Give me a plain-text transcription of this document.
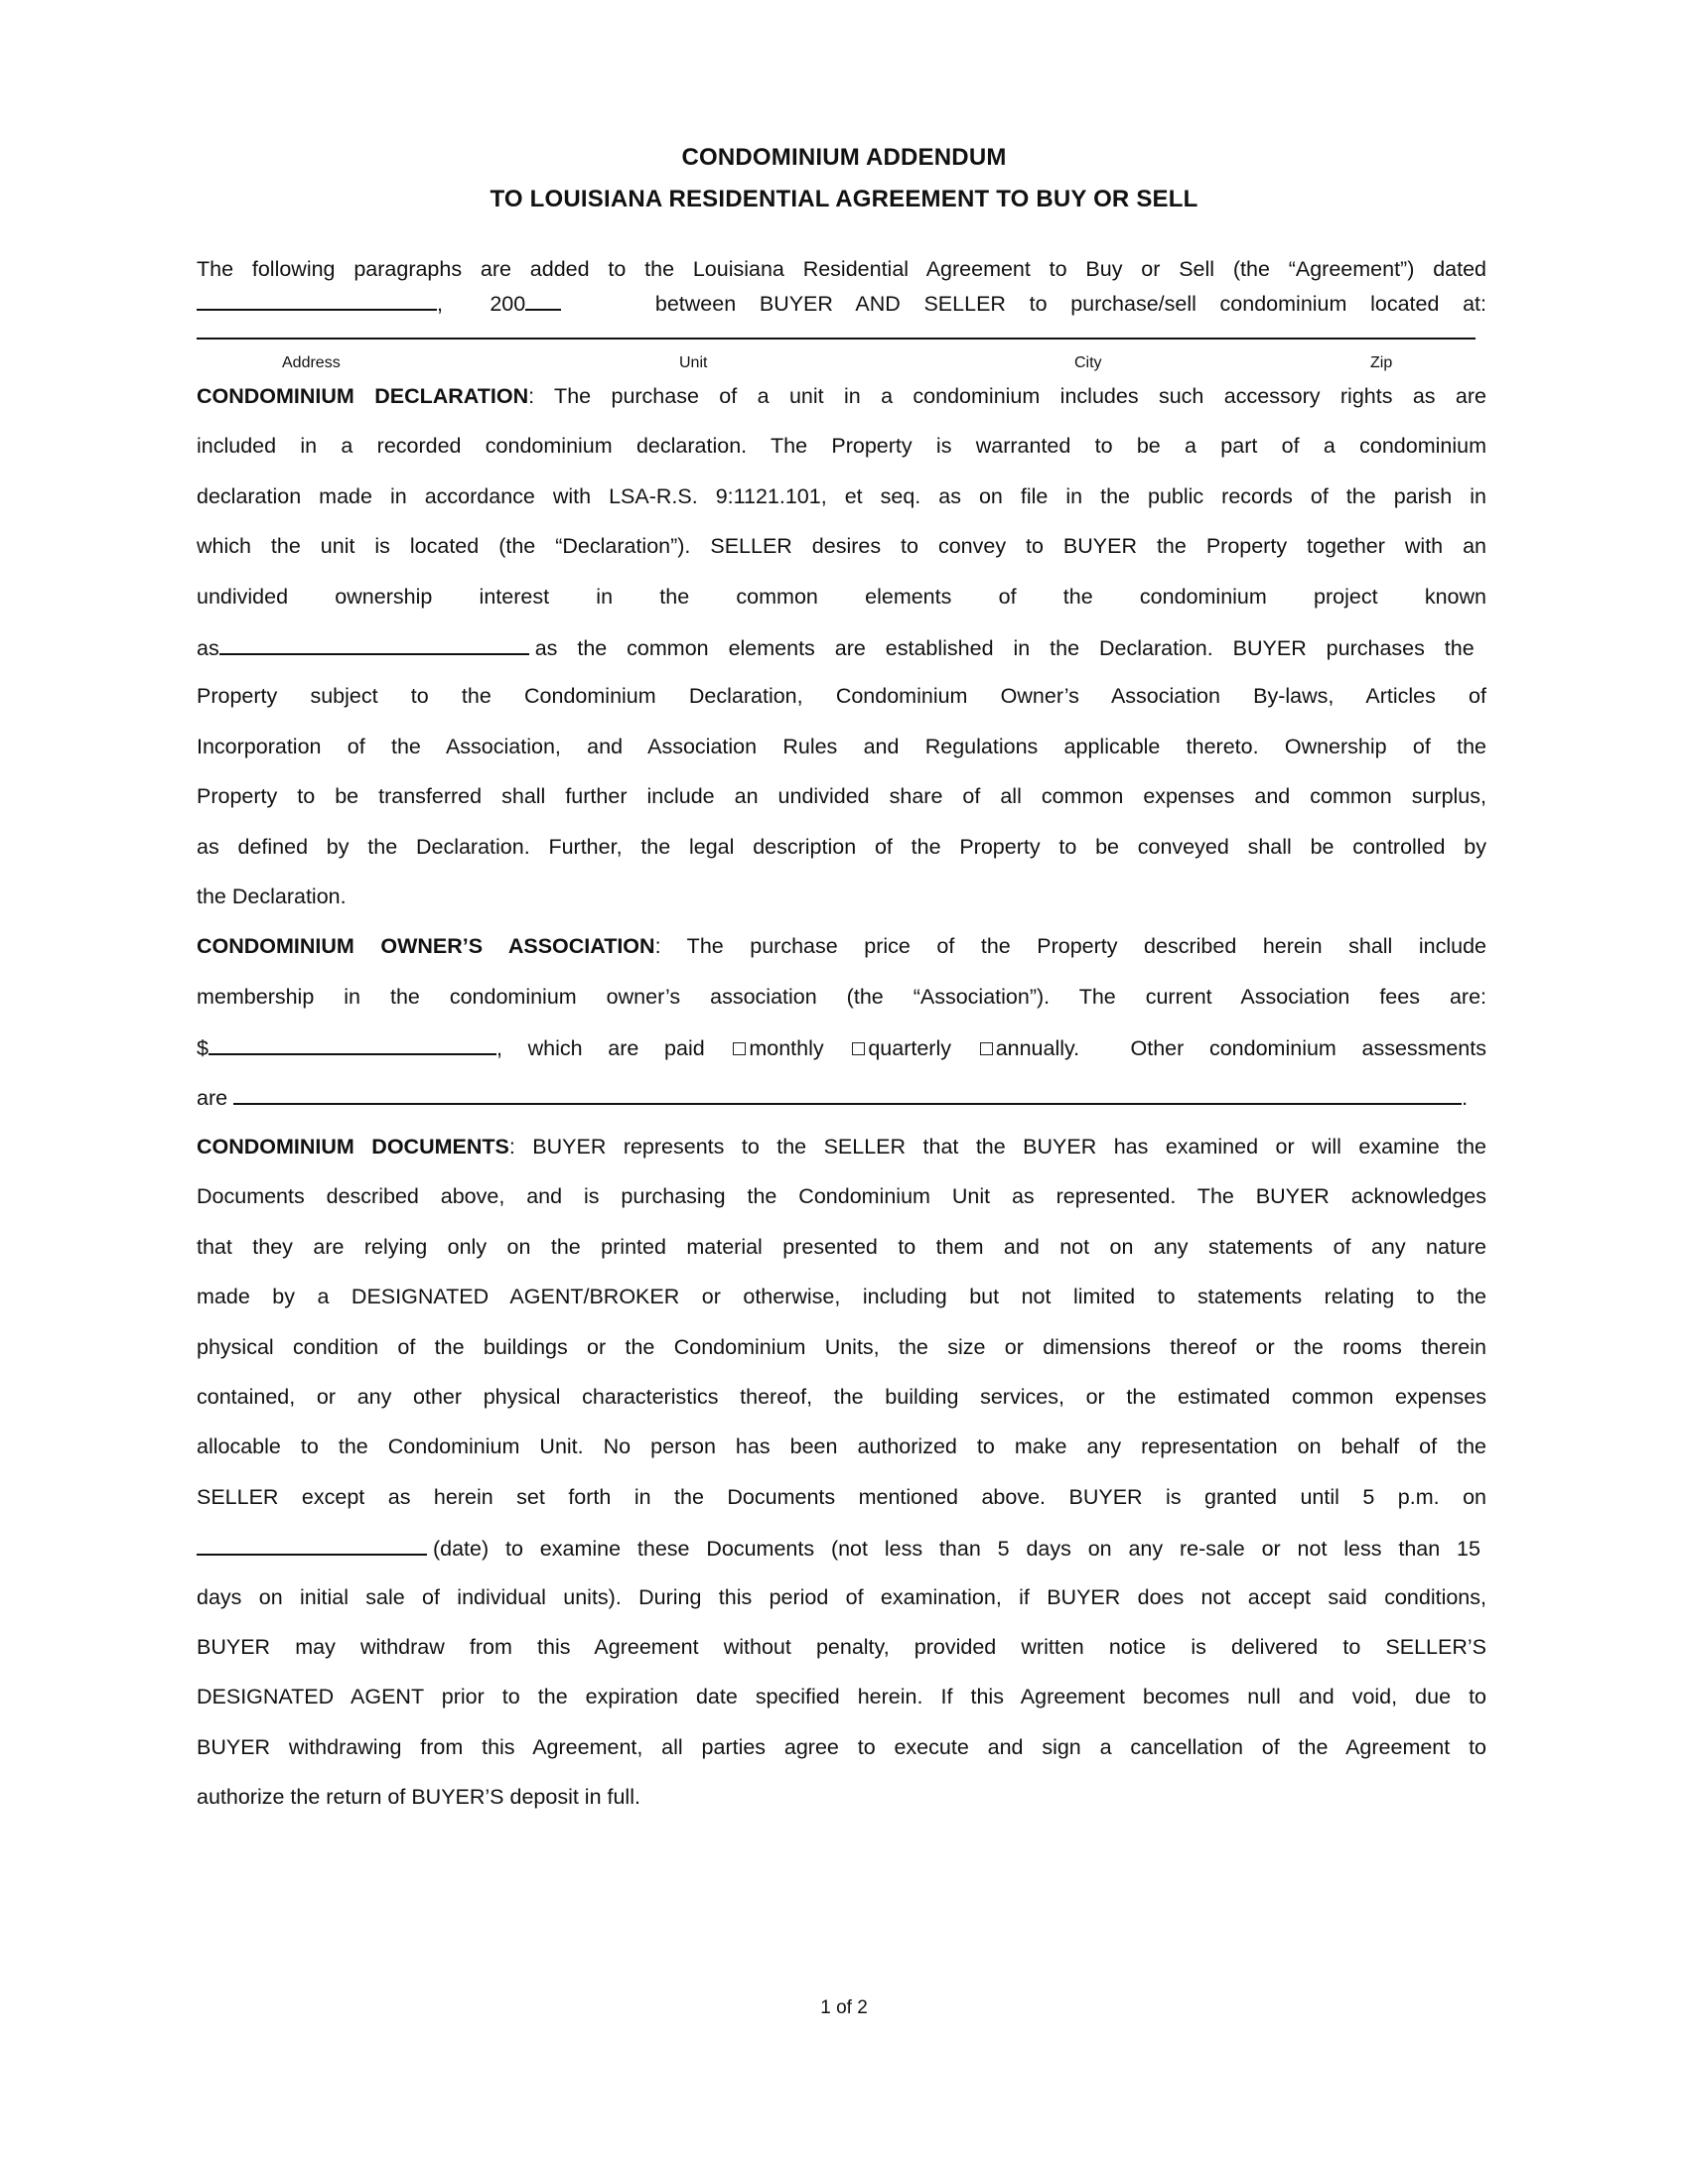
CONDOMINIUM ADDENDUM
TO LOUISIANA RESIDENTIAL AGREEMENT TO BUY OR SELL
The following paragraphs are added to the Louisiana Residential Agreement to Buy or Sell (the “Agreement”) dated
,  200	between BUYER AND SELLER to purchase/sell condominium located at:
Address	Unit	City	Zip
CONDOMINIUM DECLARATION: The purchase of a unit in a condominium includes such accessory rights as are
included in a recorded condominium declaration. The Property is warranted to be a part of a condominium
declaration made in accordance with LSA-R.S. 9:1121.101, et seq. as on file in the public records of the parish in
which the unit is located (the “Declaration”). SELLER desires to convey to BUYER the Property together with an
undivided ownership interest in the common elements of the condominium project known
as	as the common elements are established in the Declaration. BUYER purchases the
Property subject to the Condominium Declaration, Condominium Owner’s Association By-laws, Articles of
Incorporation of the Association, and Association Rules and Regulations applicable thereto. Ownership of the
Property to be transferred shall further include an undivided share of all common expenses and common surplus,
as defined by the Declaration. Further, the legal description of the Property to be conveyed shall be controlled by
the Declaration.
CONDOMINIUM OWNER’S ASSOCIATION: The purchase price of the Property described herein shall include
membership in the condominium owner’s association (the “Association”). The current Association fees are:
$	, which are paid monthly quarterly annually. Other condominium assessments
are	.
CONDOMINIUM DOCUMENTS: BUYER represents to the SELLER that the BUYER has examined or will examine the
Documents described above, and is purchasing the Condominium Unit as represented. The BUYER acknowledges
that they are relying only on the printed material presented to them and not on any statements of any nature
made by a DESIGNATED AGENT/BROKER or otherwise, including but not limited to statements relating to the
physical condition of the buildings or the Condominium Units, the size or dimensions thereof or the rooms therein
contained, or any other physical characteristics thereof, the building services, or the estimated common expenses
allocable to the Condominium Unit. No person has been authorized to make any representation on behalf of the
SELLER except as herein set forth in the Documents mentioned above. BUYER is granted until 5 p.m. on
(date) to examine these Documents (not less than 5 days on any re-sale or not less than 15
days on initial sale of individual units). During this period of examination, if BUYER does not accept said conditions,
BUYER may withdraw from this Agreement without penalty, provided written notice is delivered to SELLER’S
DESIGNATED AGENT prior to the expiration date specified herein. If this Agreement becomes null and void, due to
BUYER withdrawing from this Agreement, all parties agree to execute and sign a cancellation of the Agreement to
authorize the return of BUYER’S deposit in full.
1 of 2
